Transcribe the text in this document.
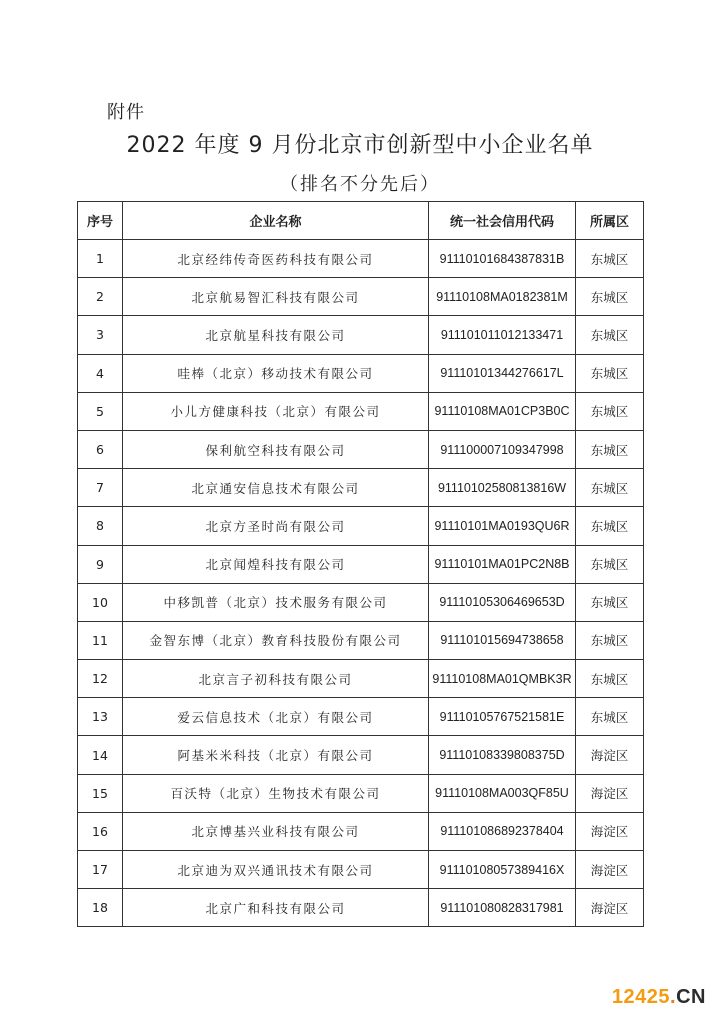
附件
2022 年度 9 月份北京市创新型中小企业名单
（排名不分先后）
序号	企业名称	统一社会信用代码	所属区
1	北京经纬传奇医药科技有限公司	91110101684387831B	东城区
2	北京航易智汇科技有限公司	91110108MA0182381M	东城区
3	北京航星科技有限公司	911101011012133471	东城区
4	哇棒（北京）移动技术有限公司	91110101344276617L	东城区
5	小儿方健康科技（北京）有限公司	91110108MA01CP3B0C	东城区
6	保利航空科技有限公司	911100007109347998	东城区
7	北京通安信息技术有限公司	91110102580813816W	东城区
8	北京方圣时尚有限公司	91110101MA0193QU6R	东城区
9	北京闻煌科技有限公司	91110101MA01PC2N8B	东城区
10	中移凯普（北京）技术服务有限公司	91110105306469653D	东城区
11	金智东博（北京）教育科技股份有限公司	911101015694738658	东城区
12	北京言子初科技有限公司	91110108MA01QMBK3R	东城区
13	爱云信息技术（北京）有限公司	91110105767521581E	东城区
14	阿基米米科技（北京）有限公司	91110108339808375D	海淀区
15	百沃特（北京）生物技术有限公司	91110108MA003QF85U	海淀区
16	北京博基兴业科技有限公司	911101086892378404	海淀区
17	北京迪为双兴通讯技术有限公司	91110108057389416X	海淀区
18	北京广和科技有限公司	911101080828317981	海淀区
12425.CN
